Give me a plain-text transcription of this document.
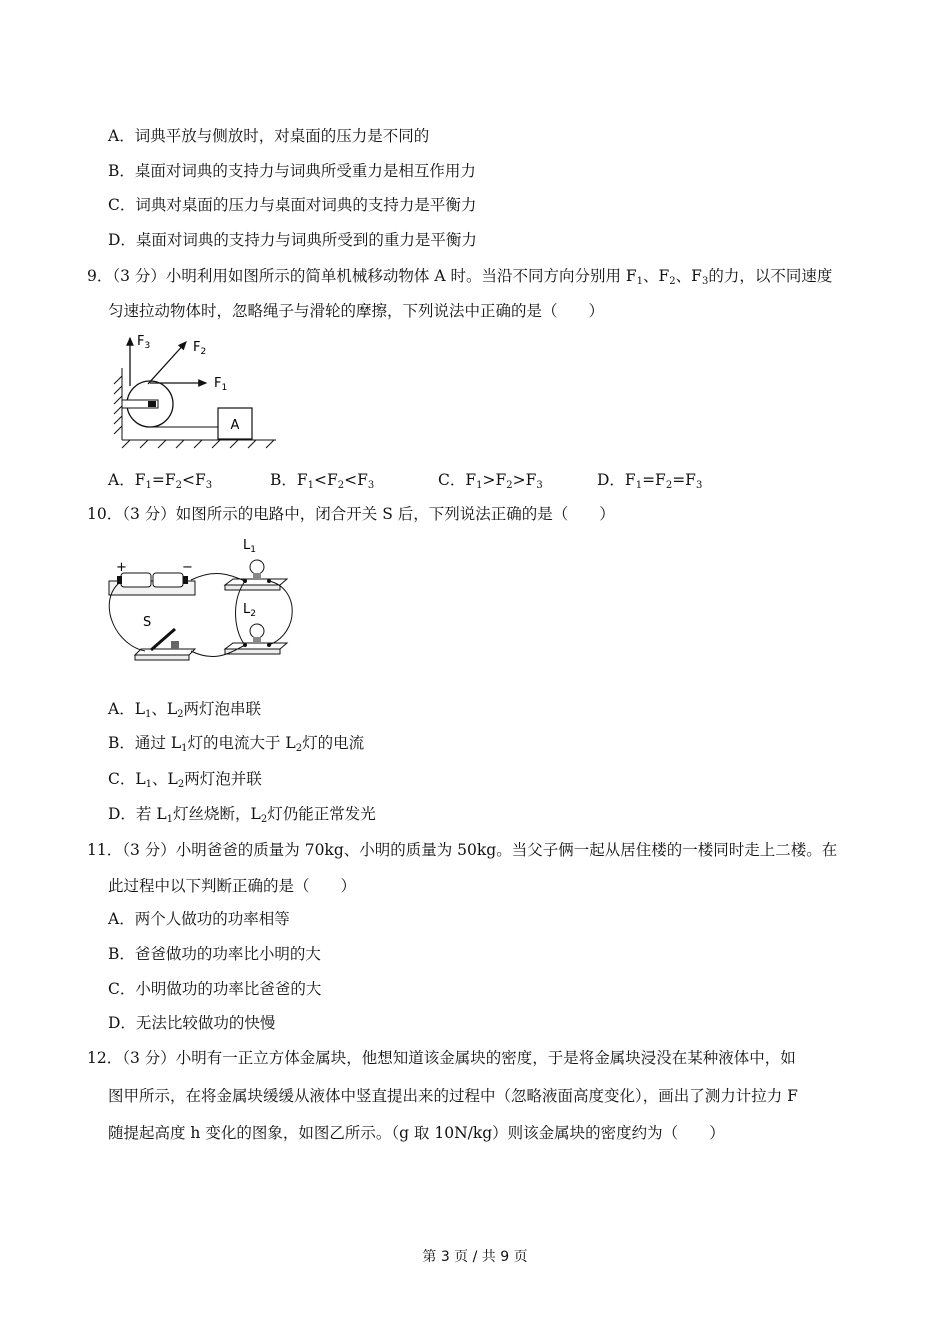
A．词典平放与侧放时，对桌面的压力是不同的
B．桌面对词典的支持力与词典所受重力是相互作用力
C．词典对桌面的压力与桌面对词典的支持力是平衡力
D．桌面对词典的支持力与词典所受到的重力是平衡力
9．（3 分）小明利用如图所示的简单机械移动物体 A 时。当沿不同方向分别用 $F_1$、$F_2$、$F_3$的力，以不同速度
匀速拉动物体时，忽略绳子与滑轮的摩擦，下列说法中正确的是（　　）
A
$F_3$	$F_2$
$F_1$
A．$F_1=F_2<F_3$	B．$F_1<F_2<F_3$	C．$F_1>F_2>F_3$	D．$F_1=F_2=F_3$
10．（3 分）如图所示的电路中，闭合开关 S 后，下列说法正确的是（　　）
+	−
$L_1$
$L_2$
S
A．$L_1$、$L_2$两灯泡串联
B．通过 $L_1$灯的电流大于 $L_2$灯的电流
C．$L_1$、$L_2$两灯泡并联
D．若 $L_1$灯丝烧断，$L_2$灯仍能正常发光
11．（3 分）小明爸爸的质量为 70kg、小明的质量为 50kg。当父子俩一起从居住楼的一楼同时走上二楼。在
此过程中以下判断正确的是（　　）
A．两个人做功的功率相等
B．爸爸做功的功率比小明的大
C．小明做功的功率比爸爸的大
D．无法比较做功的快慢
12．（3 分）小明有一正立方体金属块，他想知道该金属块的密度，于是将金属块浸没在某种液体中，如
图甲所示，在将金属块缓缓从液体中竖直提出来的过程中（忽略液面高度变化），画出了测力计拉力 F
随提起高度 h 变化的图象，如图乙所示。（g 取 10N/kg）则该金属块的密度约为（　　）
第 3 页 / 共 9 页
